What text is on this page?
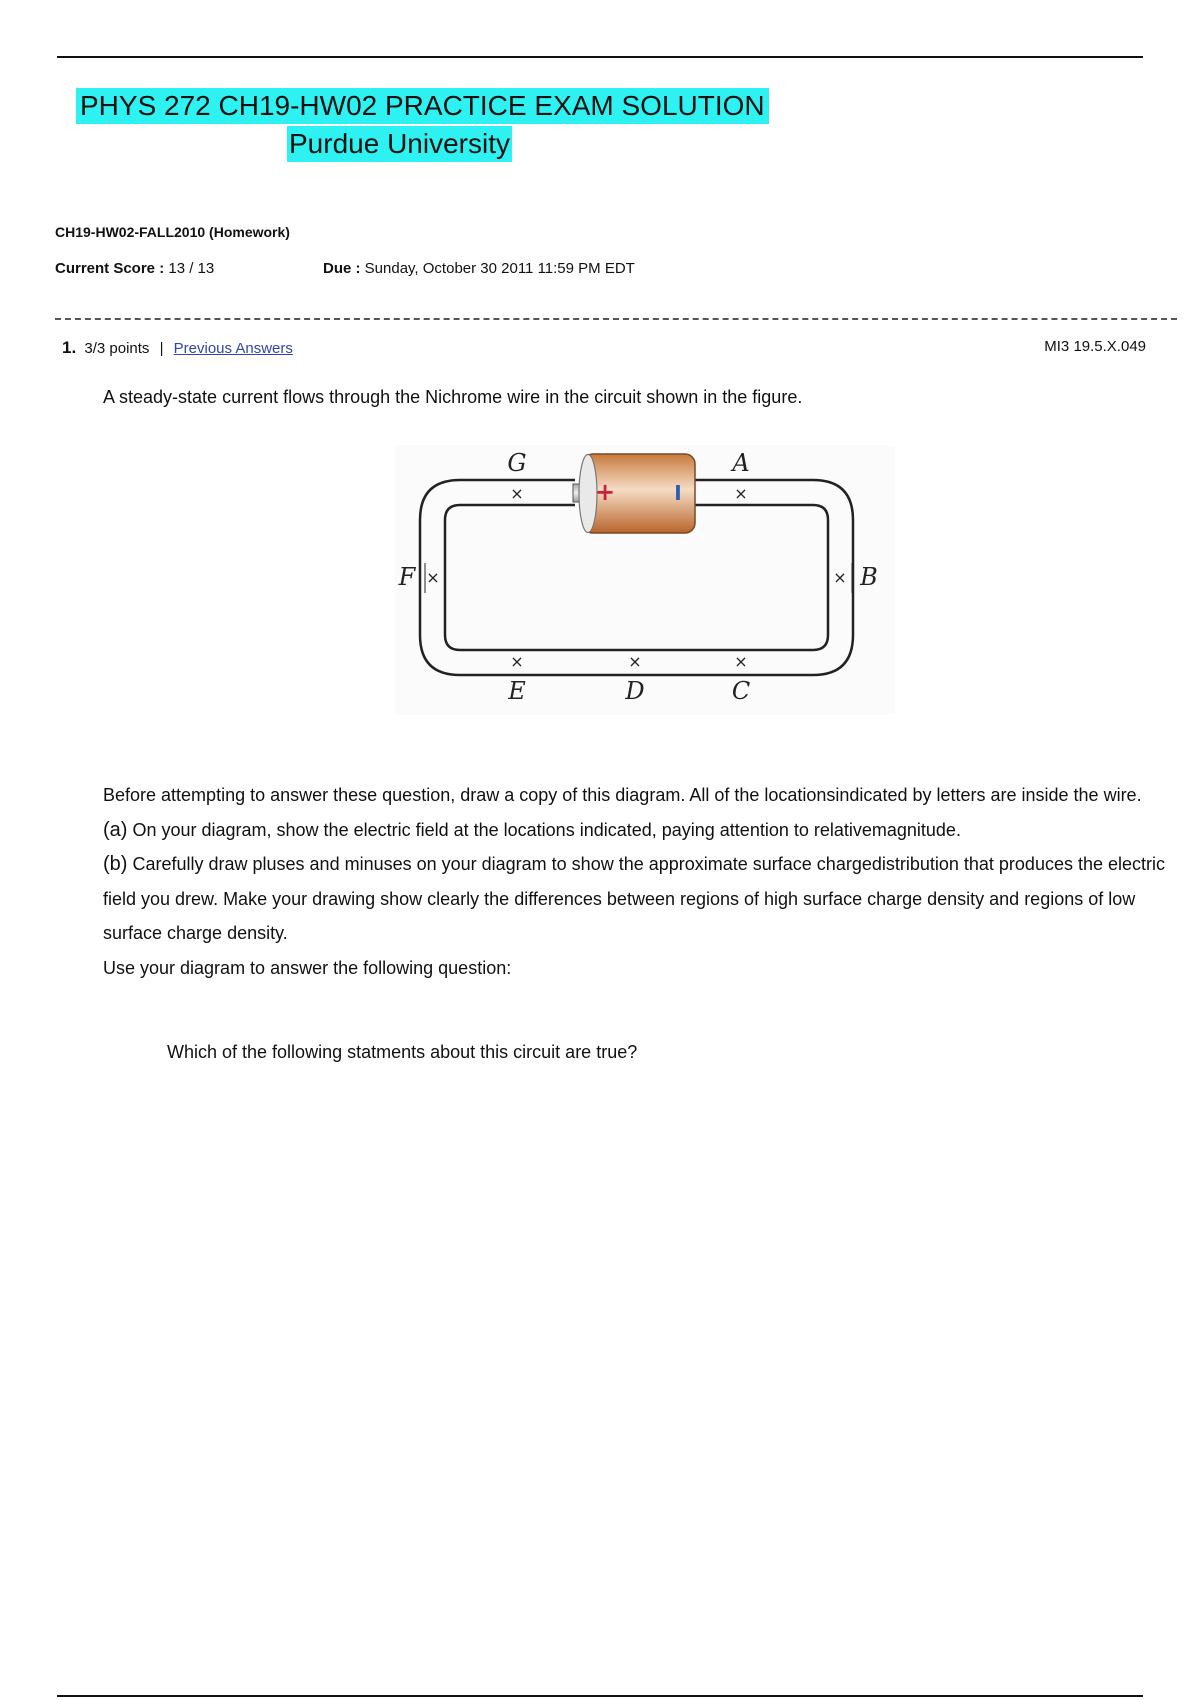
PHYS 272 CH19-HW02 PRACTICE EXAM SOLUTION
Purdue University
CH19-HW02-FALL2010 (Homework)
Current Score : 13 / 13	Due : Sunday, October 30 2011 11:59 PM EDT
1. 3/3 points | Previous Answers	MI3 19.5.X.049
A steady-state current flows through the Nichrome wire in the circuit shown in the figure.
+	I
×	×
×	×
×	×	×
G	A
F	B
E	D	C

Before attempting to answer these question, draw a copy of this diagram. All of the locationsindicated by letters are inside the wire.

(a) On your diagram, show the electric field at the locations indicated, paying attention to relativemagnitude.

(b) Carefully draw pluses and minuses on your diagram to show the approximate surface chargedistribution that produces the electric field you drew. Make your drawing show clearly the differences between regions of high surface charge density and regions of low surface charge density.

Use your diagram to answer the following question:

Which of the following statments about this circuit are true?
